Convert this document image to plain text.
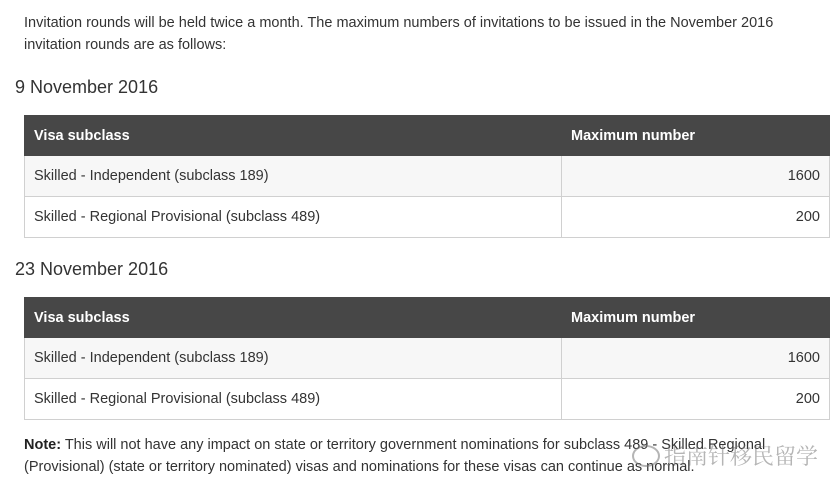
Invitation rounds will be held twice a month. The maximum numbers of invitations to be issued in the November 2016 invitation rounds are as follows:

9 November 2016
Visa subclass	Maximum number
Skilled - Independent (subclass 189)	1600
Skilled - Regional Provisional (subclass 489)	200
23 November 2016
Visa subclass	Maximum number
Skilled - Independent (subclass 189)	1600
Skilled - Regional Provisional (subclass 489)	200

Note: This will not have any impact on state or territory government nominations for subclass 489 - Skilled Regional (Provisional) (state or territory nominated) visas and nominations for these visas can continue as normal.

指南针移民留学
